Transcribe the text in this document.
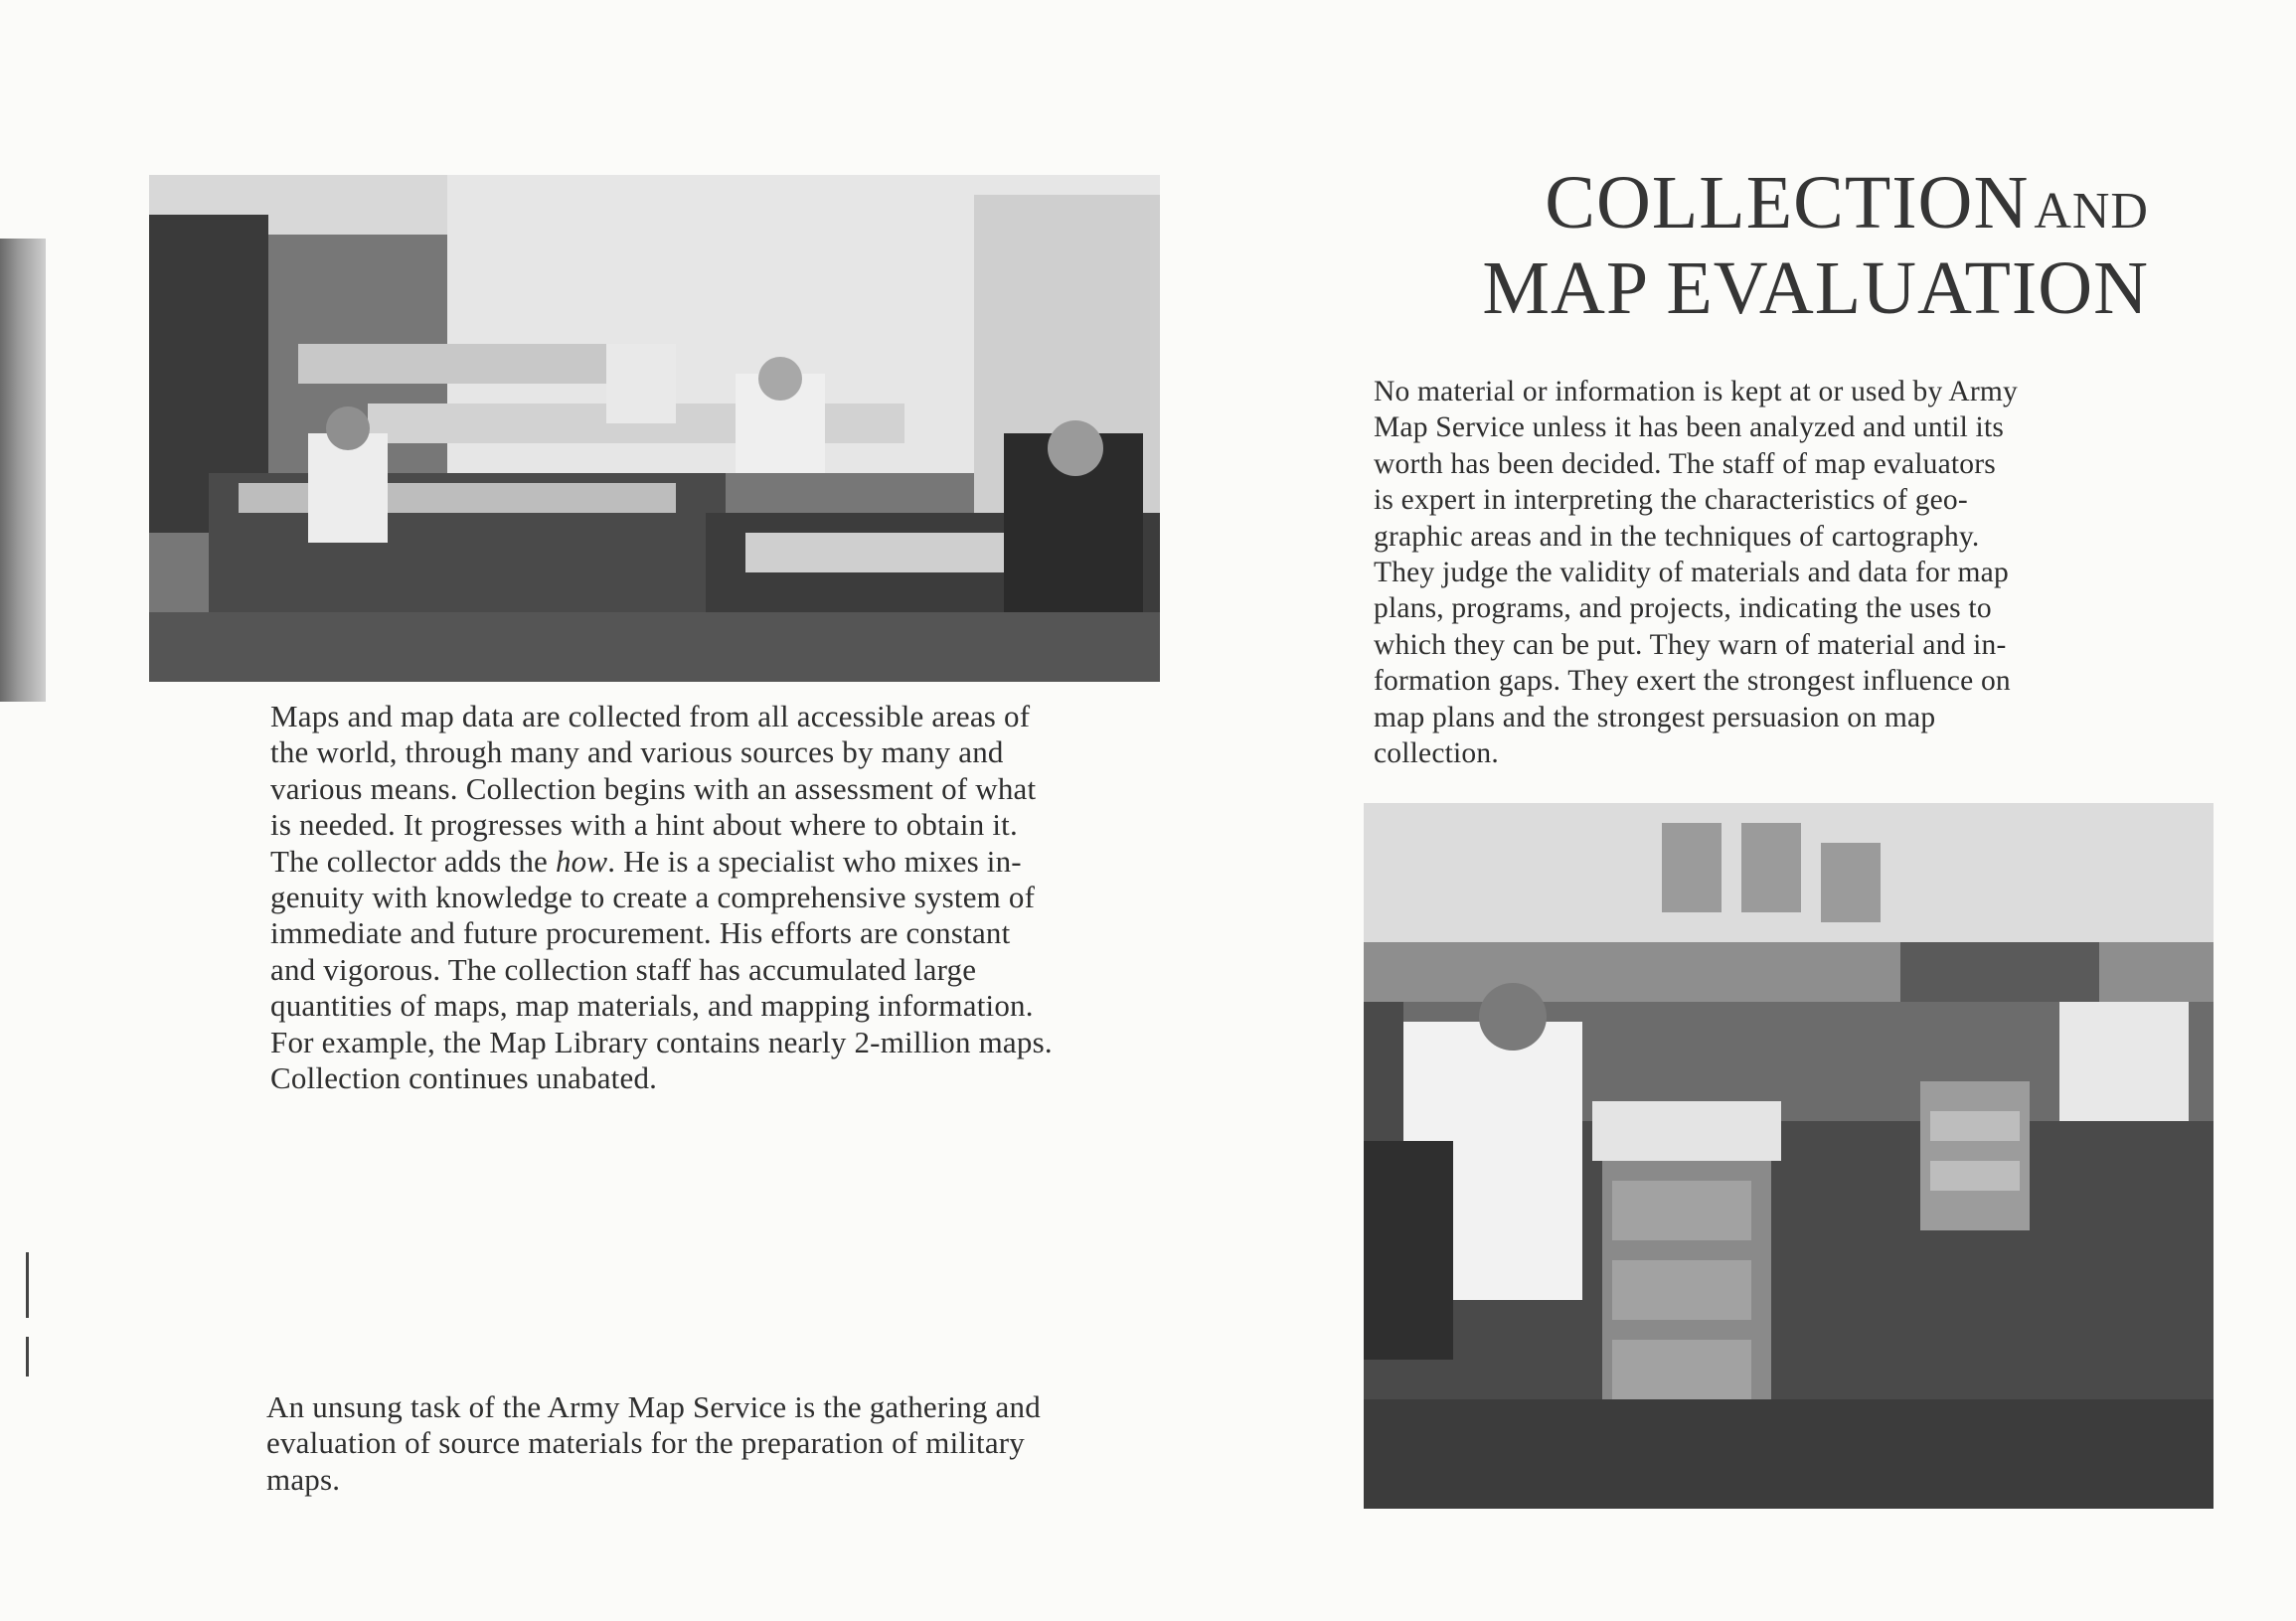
Maps and map data are collected from all accessible areas of
the world, through many and various sources by many and
various means. Collection begins with an assessment of what
is needed. It progresses with a hint about where to obtain it.
The collector adds the how. He is a specialist who mixes in-
genuity with knowledge to create a comprehensive system of
immediate and future procurement. His efforts are constant
and vigorous. The collection staff has accumulated large
quantities of maps, map materials, and mapping information.
For example, the Map Library contains nearly 2-million maps.
Collection continues unabated.
An unsung task of the Army Map Service is the gathering and
evaluation of source materials for the preparation of military
maps.
COLLECTION AND
MAP EVALUATION
No material or information is kept at or used by Army
Map Service unless it has been analyzed and until its
worth has been decided. The staff of map evaluators
is expert in interpreting the characteristics of geo-
graphic areas and in the techniques of cartography.
They judge the validity of materials and data for map
plans, programs, and projects, indicating the uses to
which they can be put. They warn of material and in-
formation gaps. They exert the strongest influence on
map plans and the strongest persuasion on map
collection.
